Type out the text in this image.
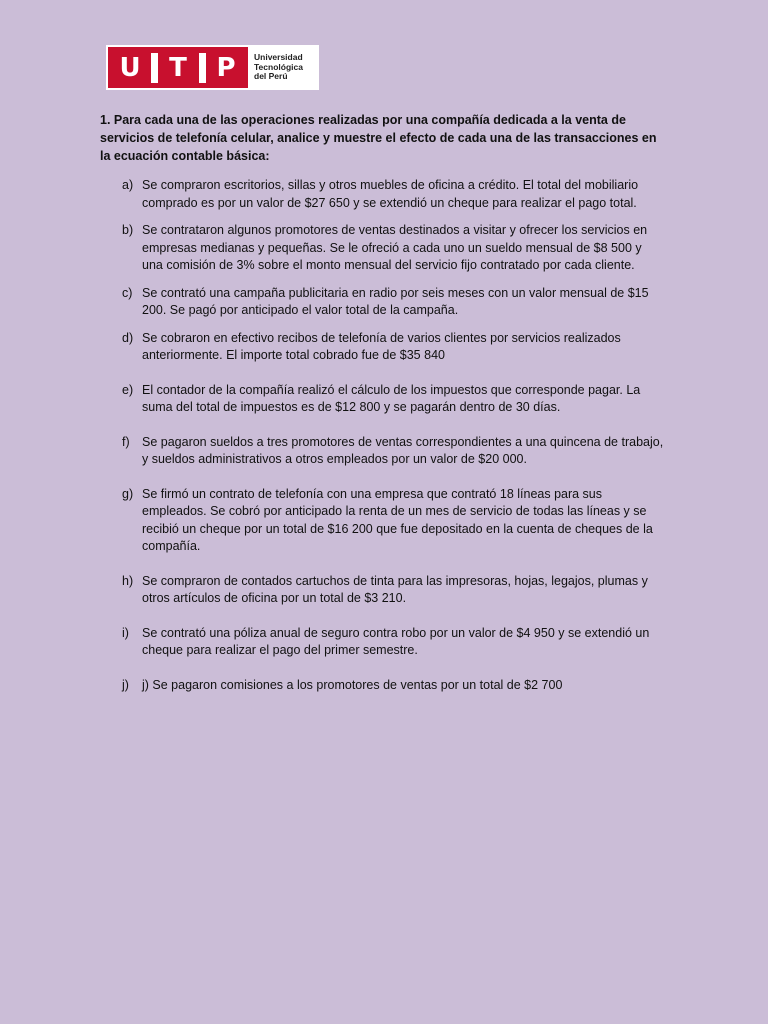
U	T	P	Universidad
Tecnológica
del Perú

1. Para cada una de las operaciones realizadas por una compañía dedicada a la venta de servicios de telefonía celular, analice y muestre el efecto de cada una de las transacciones en la ecuación contable básica:

a) Se compraron escritorios, sillas y otros muebles de oficina a crédito. El total del mobiliario comprado es por un valor de $27 650 y se extendió un cheque para realizar el pago total.
b) Se contrataron algunos promotores de ventas destinados a visitar y ofrecer los servicios en empresas medianas y pequeñas. Se le ofreció a cada uno un sueldo mensual de $8 500 y una comisión de 3% sobre el monto mensual del servicio fijo contratado por cada cliente.
c) Se contrató una campaña publicitaria en radio por seis meses con un valor mensual de $15 200. Se pagó por anticipado el valor total de la campaña.
d) Se cobraron en efectivo recibos de telefonía de varios clientes por servicios realizados anteriormente. El importe total cobrado fue de $35 840
e) El contador de la compañía realizó el cálculo de los impuestos que corresponde pagar. La suma del total de impuestos es de $12 800 y se pagarán dentro de 30 días.
f) Se pagaron sueldos a tres promotores de ventas correspondientes a una quincena de trabajo, y sueldos administrativos a otros empleados por un valor de $20 000.
g) Se firmó un contrato de telefonía con una empresa que contrató 18 líneas para sus empleados. Se cobró por anticipado la renta de un mes de servicio de todas las líneas y se recibió un cheque por un total de $16 200 que fue depositado en la cuenta de cheques de la compañía.
h) Se compraron de contados cartuchos de tinta para las impresoras, hojas, legajos, plumas y otros artículos de oficina por un total de $3 210.
i)	Se contrató una póliza anual de seguro contra robo por un valor de $4 950 y se extendió un cheque para realizar el pago del primer semestre.
j)	j) Se pagaron comisiones a los promotores de ventas por un total de $2 700
